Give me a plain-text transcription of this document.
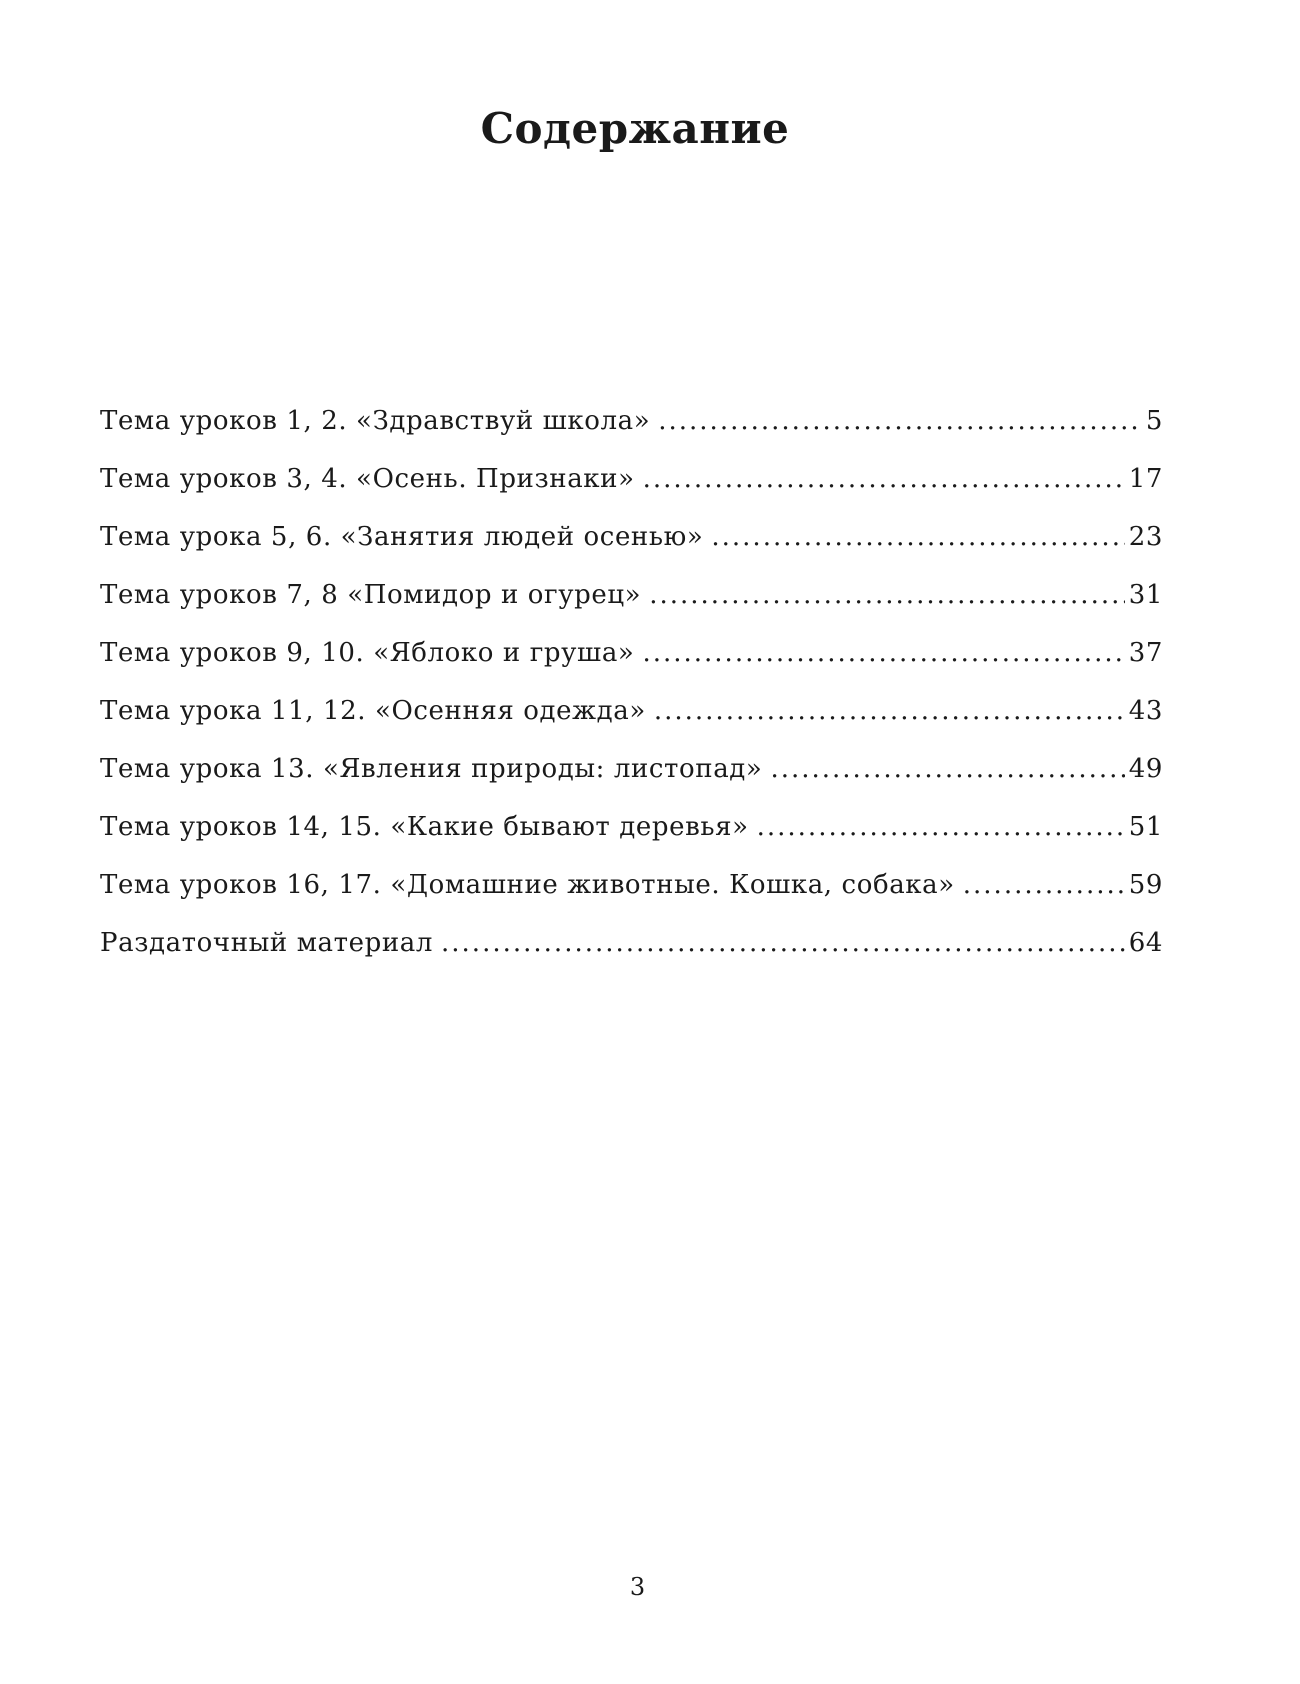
Содержание
Тема уроков 1, 2. «Здравствуй школа» .....	5
Тема уроков 3, 4. «Осень. Признаки» .....	17
Тема урока 5, 6. «Занятия людей осенью» .....	23
Тема уроков 7, 8 «Помидор и огурец» .....	31
Тема уроков 9, 10. «Яблоко и груша» .....	37
Тема урока 11, 12. «Осенняя одежда» .....	43
Тема урока 13. «Явления природы: листопад» .....	49
Тема уроков 14, 15. «Какие бывают деревья» .....	51
Тема уроков 16, 17. «Домашние животные. Кошка, собака» .....	59
Раздаточный материал .....	64
3
